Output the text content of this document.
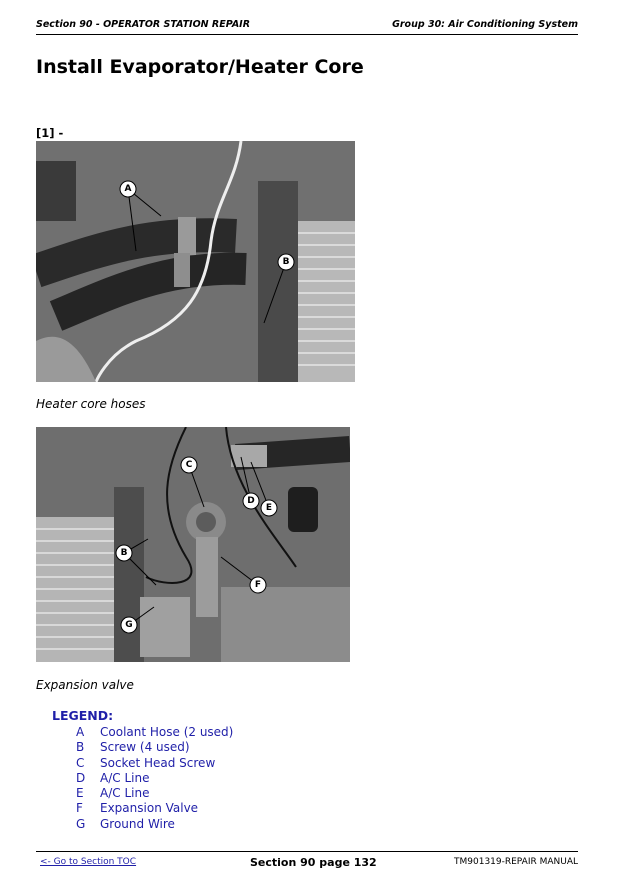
Section 90 - OPERATOR STATION REPAIR	Group 30: Air Conditioning System
Install Evaporator/Heater Core
[1] -
A
B
Heater core hoses
C
D
E
F
B
G
Expansion valve
LEGEND:
A Coolant Hose (2 used)
B Screw (4 used)
C Socket Head Screw
D A/C Line
E A/C Line
F Expansion Valve
G Ground Wire
<- Go to Section TOC	Section 90 page 132	TM901319-REPAIR MANUAL
